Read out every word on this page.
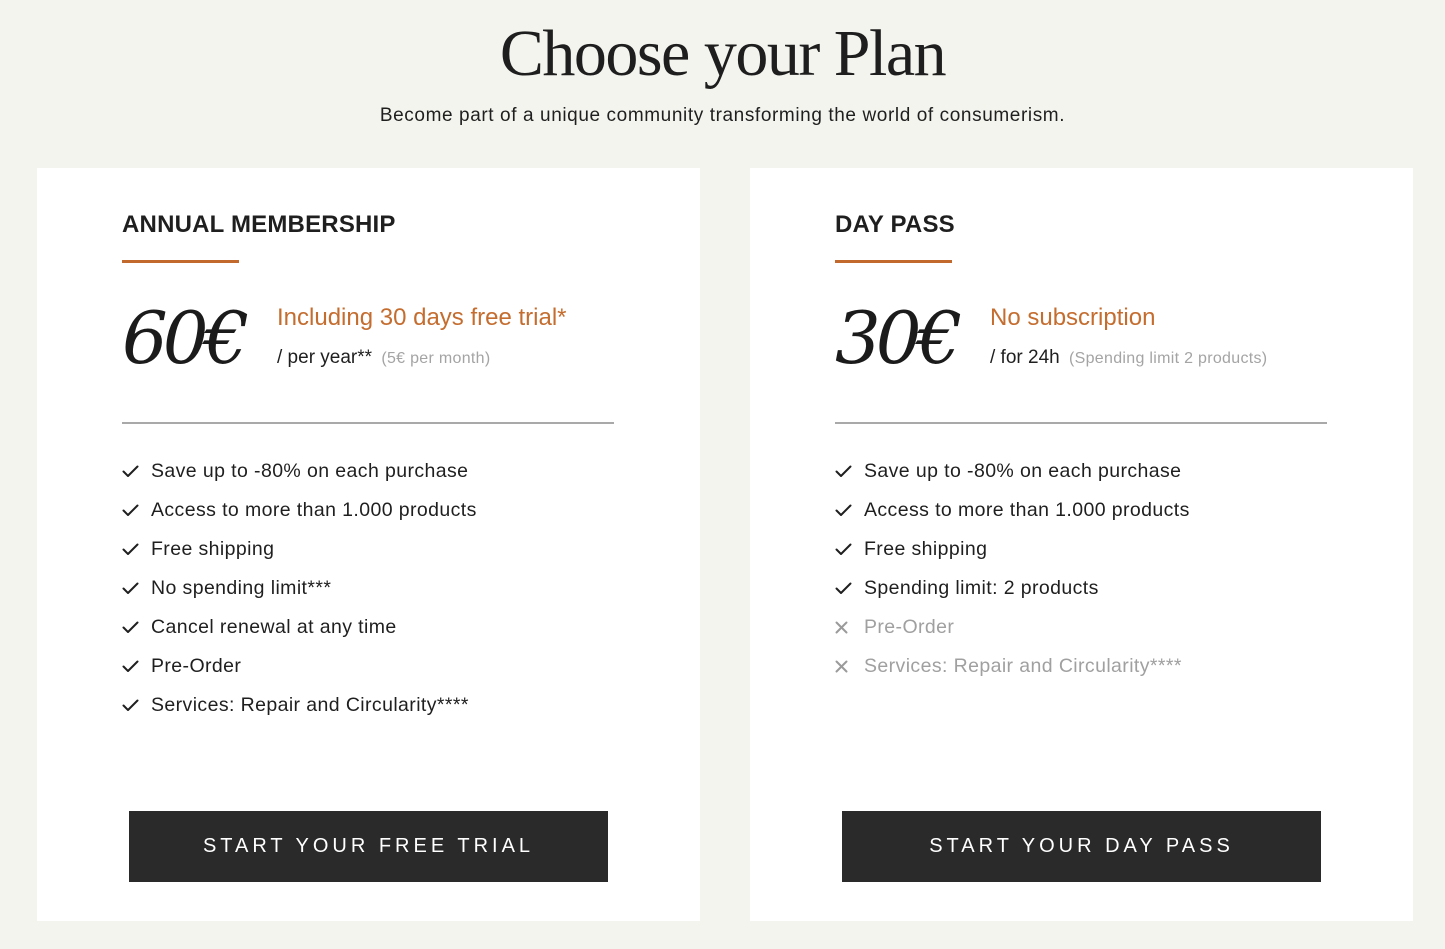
Choose your Plan

Become part of a unique community transforming the world of consumerism.

ANNUAL MEMBERSHIP
60€ Including 30 days free trial*
/ per year** (5€ per month)
Save up to -80% on each purchase
Access to more than 1.000 products
Free shipping
No spending limit***
Cancel renewal at any time
Pre-Order
Services: Repair and Circularity****
START YOUR FREE TRIAL
DAY PASS
30€ No subscription
/ for 24h (Spending limit 2 products)
Save up to -80% on each purchase
Access to more than 1.000 products
Free shipping
Spending limit: 2 products
Pre-Order
Services: Repair and Circularity****
START YOUR DAY PASS
